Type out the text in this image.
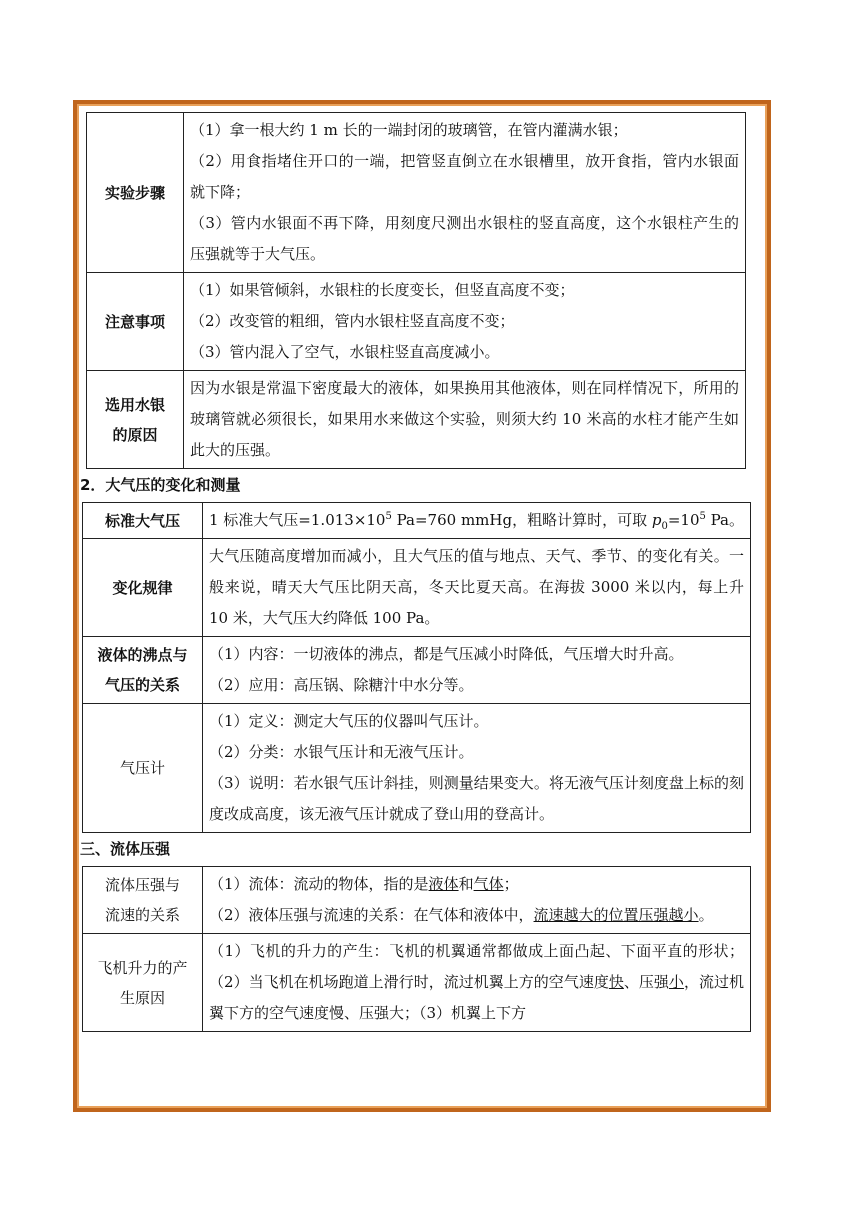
实验步骤	（1）拿一根大约 1 m 长的一端封闭的玻璃管，在管内灌满水银；
（2）用食指堵住开口的一端，把管竖直倒立在水银槽里，放开食指，管内水银面就下降；
（3）管内水银面不再下降，用刻度尺测出水银柱的竖直高度，这个水银柱产生的压强就等于大气压。

注意事项	（1）如果管倾斜，水银柱的长度变长，但竖直高度不变；
（2）改变管的粗细，管内水银柱竖直高度不变；
（3）管内混入了空气，水银柱竖直高度减小。

选用水银
的原因	因为水银是常温下密度最大的液体，如果换用其他液体，则在同样情况下，所用的玻璃管就必须很长，如果用水来做这个实验，则须大约 10 米高的水柱才能产生如此大的压强。
2．大气压的变化和测量
标准大气压	1 标准大气压$=1.013\times 10^5$ Pa=760 mmHg，粗略计算时，可取 $p_0=10^5$ Pa。
变化规律	大气压随高度增加而减小，且大气压的值与地点、天气、季节、的变化有关。一般来说，晴天大气压比阴天高，冬天比夏天高。在海拔 3000 米以内，每上升 10 米，大气压大约降低 100 Pa。

液体的沸点与
气压的关系	（1）内容：一切液体的沸点，都是气压减小时降低，气压增大时升高。
（2）应用：高压锅、除糖汁中水分等。

气压计	（1）定义：测定大气压的仪器叫气压计。
（2）分类：水银气压计和无液气压计。
（3）说明：若水银气压计斜挂，则测量结果变大。将无液气压计刻度盘上标的刻度改成高度，该无液气压计就成了登山用的登高计。
三、流体压强
流体压强与
流速的关系	（1）流体：流动的物体，指的是液体和气体；
（2）液体压强与流速的关系：在气体和液体中，流速越大的位置压强越小。

飞机升力的产
生原因	（1）飞机的升力的产生：飞机的机翼通常都做成上面凸起、下面平直的形状；（2）当飞机在机场跑道上滑行时，流过机翼上方的空气速度快、压强小，流过机翼下方的空气速度慢、压强大；（3）机翼上下方
